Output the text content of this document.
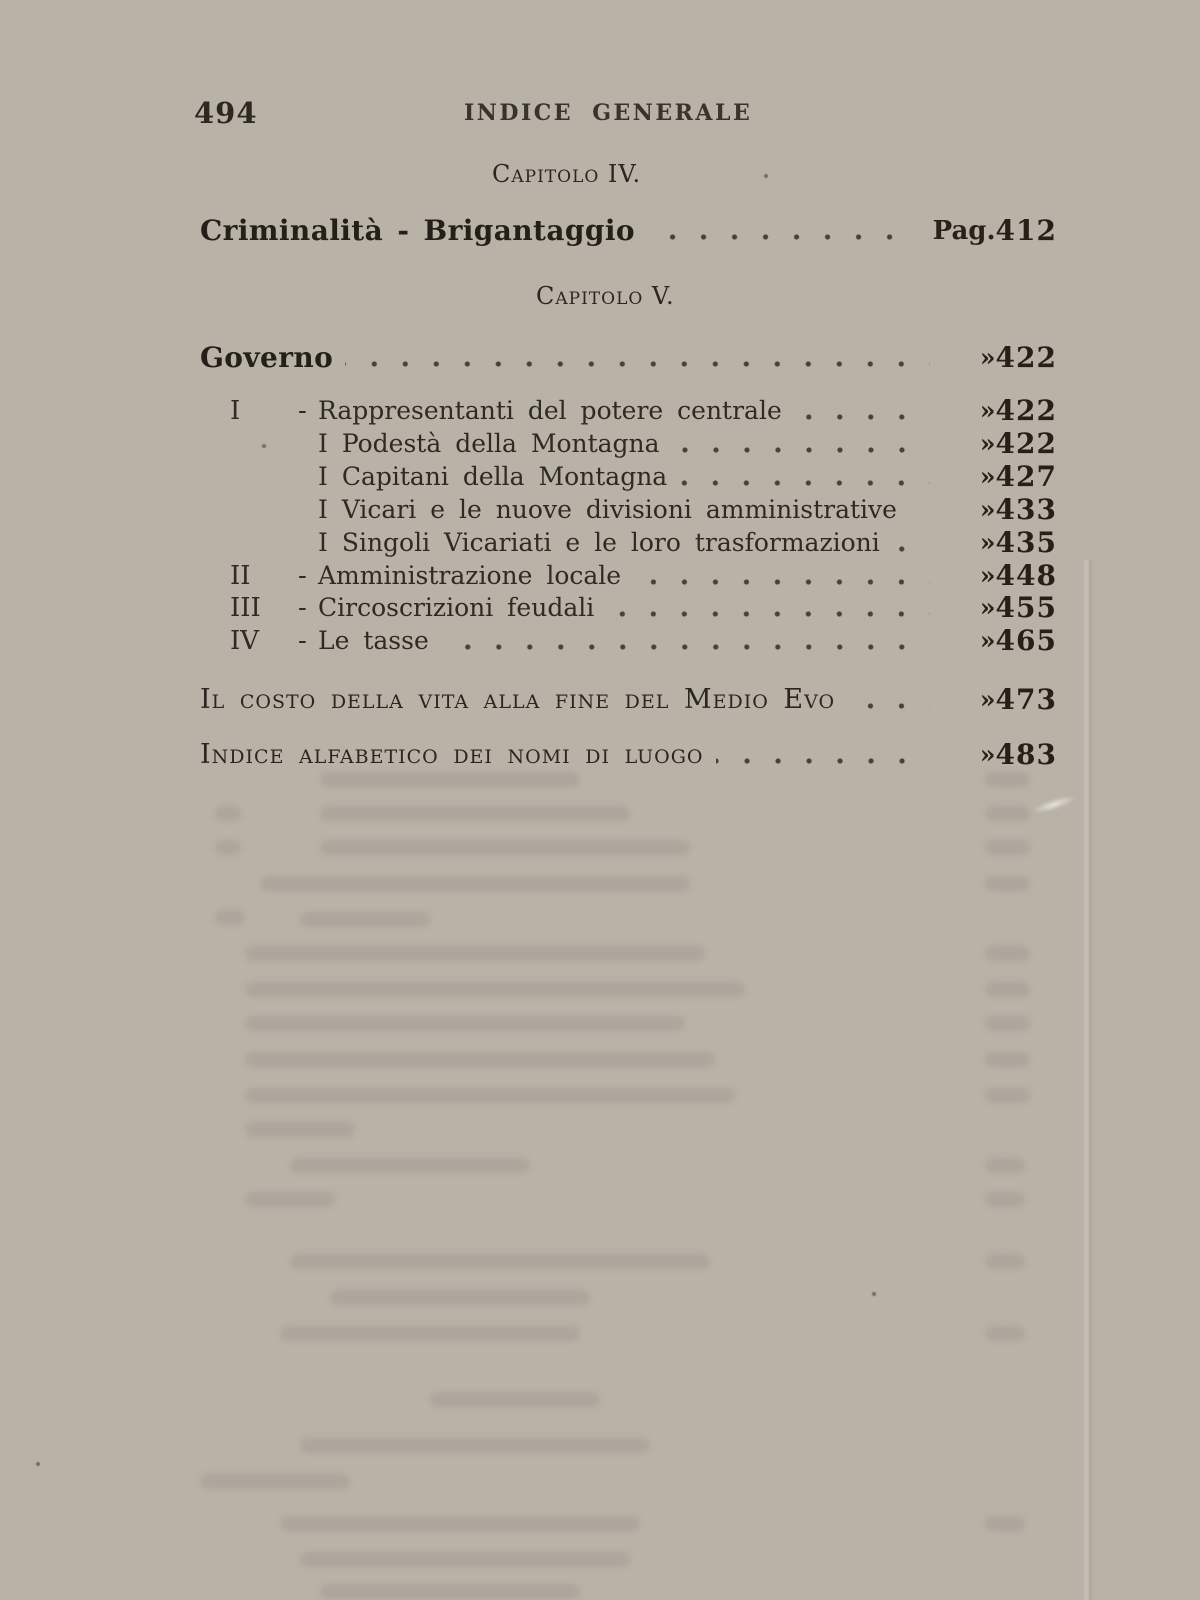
494	INDICE GENERALE
Capitolo IV.
Criminalità - Brigantaggio	Pag. 412
Capitolo V.
Governo	» 422
I	- Rappresentanti del potere centrale	» 422
I Podestà della Montagna	» 422
I Capitani della Montagna	» 427
I Vicari e le nuove divisioni amministrative	» 433
I Singoli Vicariati e le loro trasformazioni	» 435
II	- Amministrazione locale	» 448
III	- Circoscrizioni feudali	» 455
IV	- Le tasse	» 465
Il costo della vita alla fine del Medio Evo	» 473
Indice alfabetico dei nomi di luogo	» 483
